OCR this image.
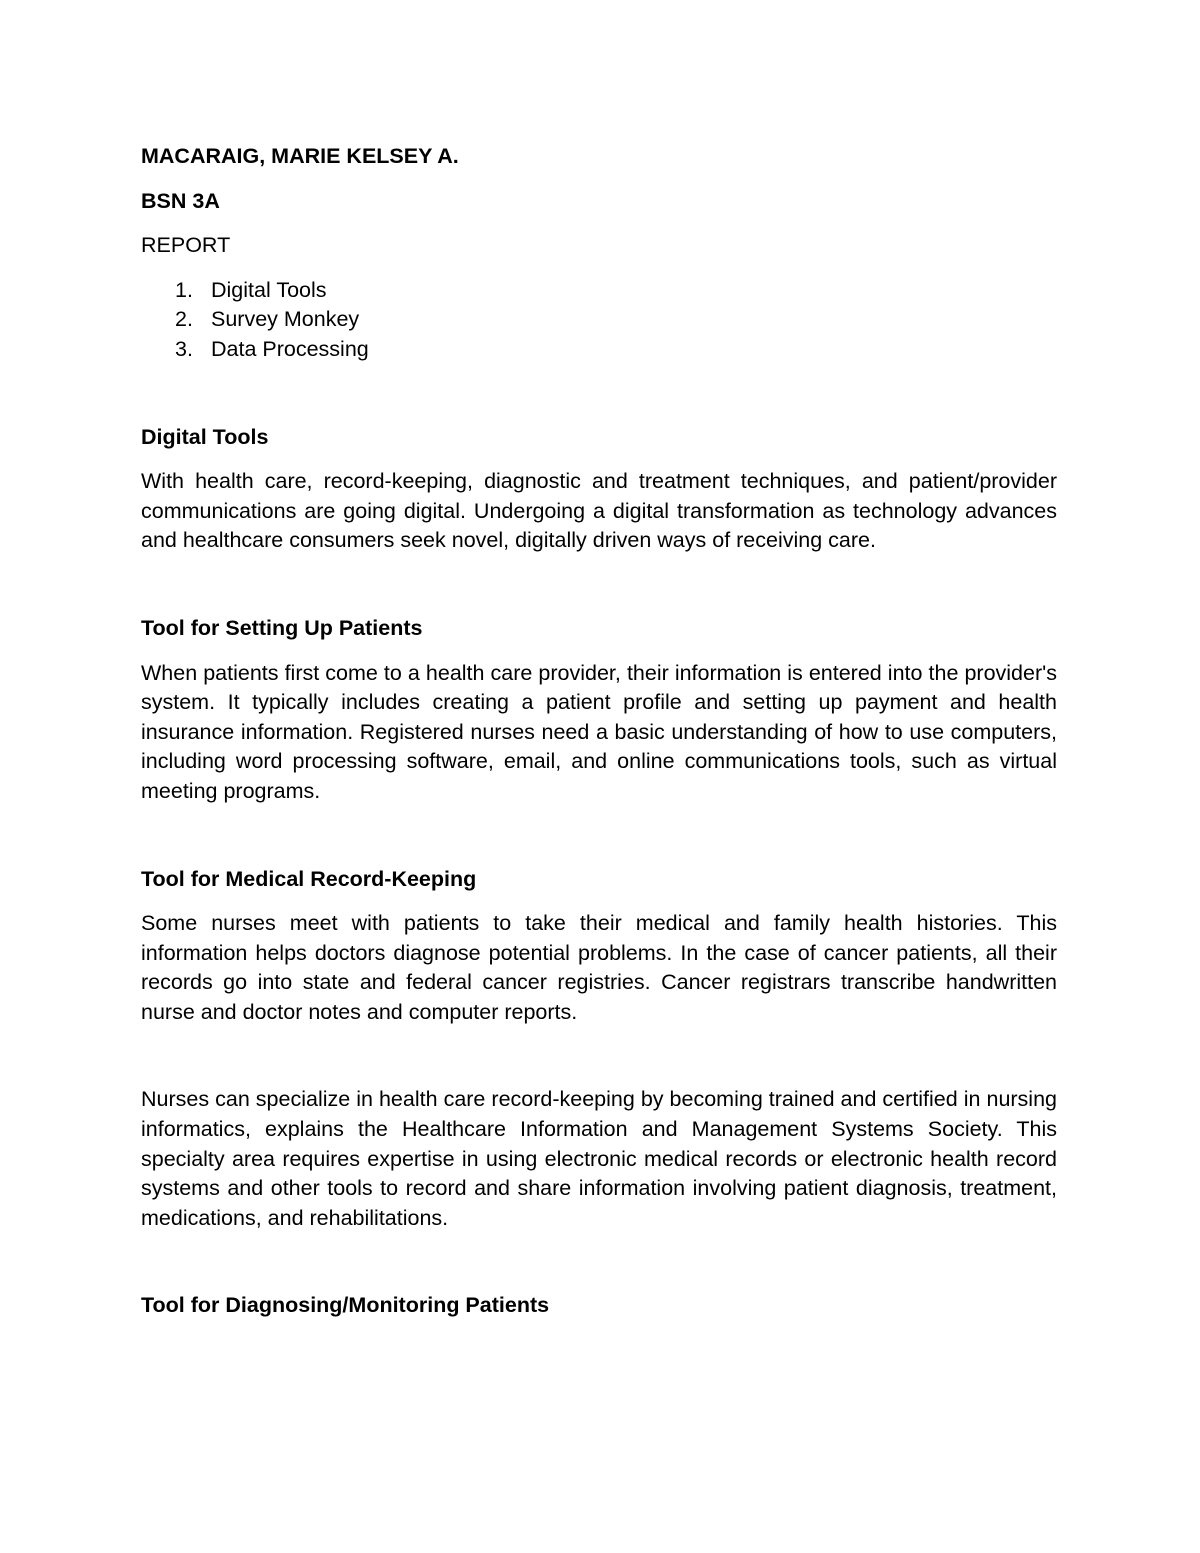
MACARAIG, MARIE KELSEY A.

BSN 3A

REPORT

1. Digital Tools
2. Survey Monkey
3. Data Processing

Digital Tools

With health care, record-keeping, diagnostic and treatment techniques, and patient/provider communications are going digital. Undergoing a digital transformation as technology advances and healthcare consumers seek novel, digitally driven ways of receiving care.

Tool for Setting Up Patients

When patients first come to a health care provider, their information is entered into the provider's system. It typically includes creating a patient profile and setting up payment and health insurance information. Registered nurses need a basic understanding of how to use computers, including word processing software, email, and online communications tools, such as virtual meeting programs.

Tool for Medical Record-Keeping

Some nurses meet with patients to take their medical and family health histories. This information helps doctors diagnose potential problems. In the case of cancer patients, all their records go into state and federal cancer registries. Cancer registrars transcribe handwritten nurse and doctor notes and computer reports.

Nurses can specialize in health care record-keeping by becoming trained and certified in nursing informatics, explains the Healthcare Information and Management Systems Society. This specialty area requires expertise in using electronic medical records or electronic health record systems and other tools to record and share information involving patient diagnosis, treatment, medications, and rehabilitations.

Tool for Diagnosing/Monitoring Patients
